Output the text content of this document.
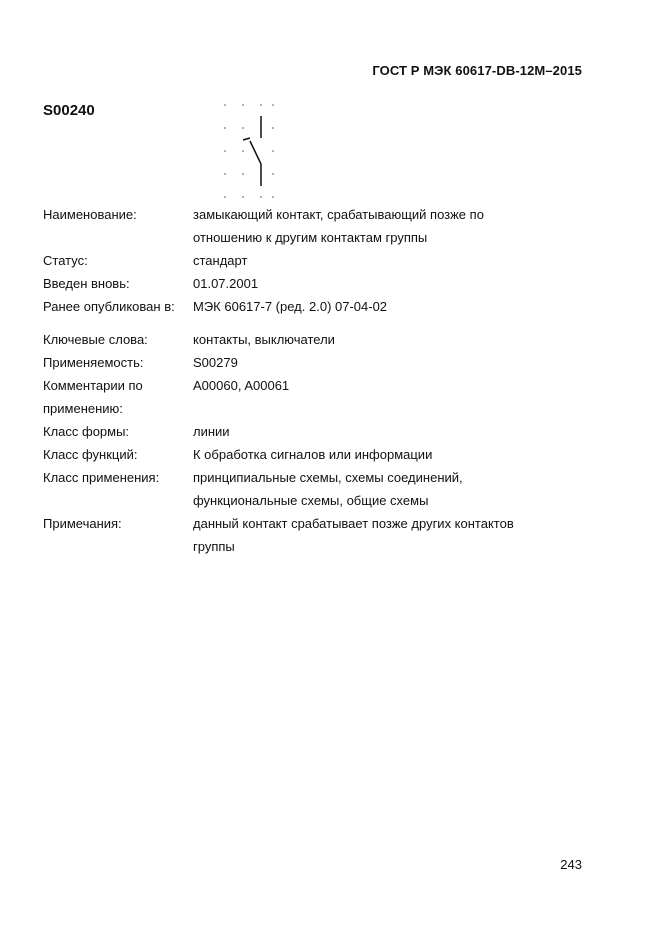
ГОСТ Р МЭК 60617-DB-12M–2015
S00240
Наименование:	замыкающий контакт, срабатывающий позже по
отношению к другим контактам группы
Статус:	стандарт
Введен вновь:	01.07.2001
Ранее опубликован в:	МЭК 60617-7 (ред. 2.0) 07-04-02
Ключевые слова:	контакты, выключатели
Применяемость:	S00279
Комментарии по	A00060, A00061
применению:
Класс формы:	линии
Класс функций:	К обработка сигналов или информации
Класс применения:	принципиальные схемы, схемы соединений,
функциональные схемы, общие схемы
Примечания:	данный контакт срабатывает позже других контактов
группы
243
